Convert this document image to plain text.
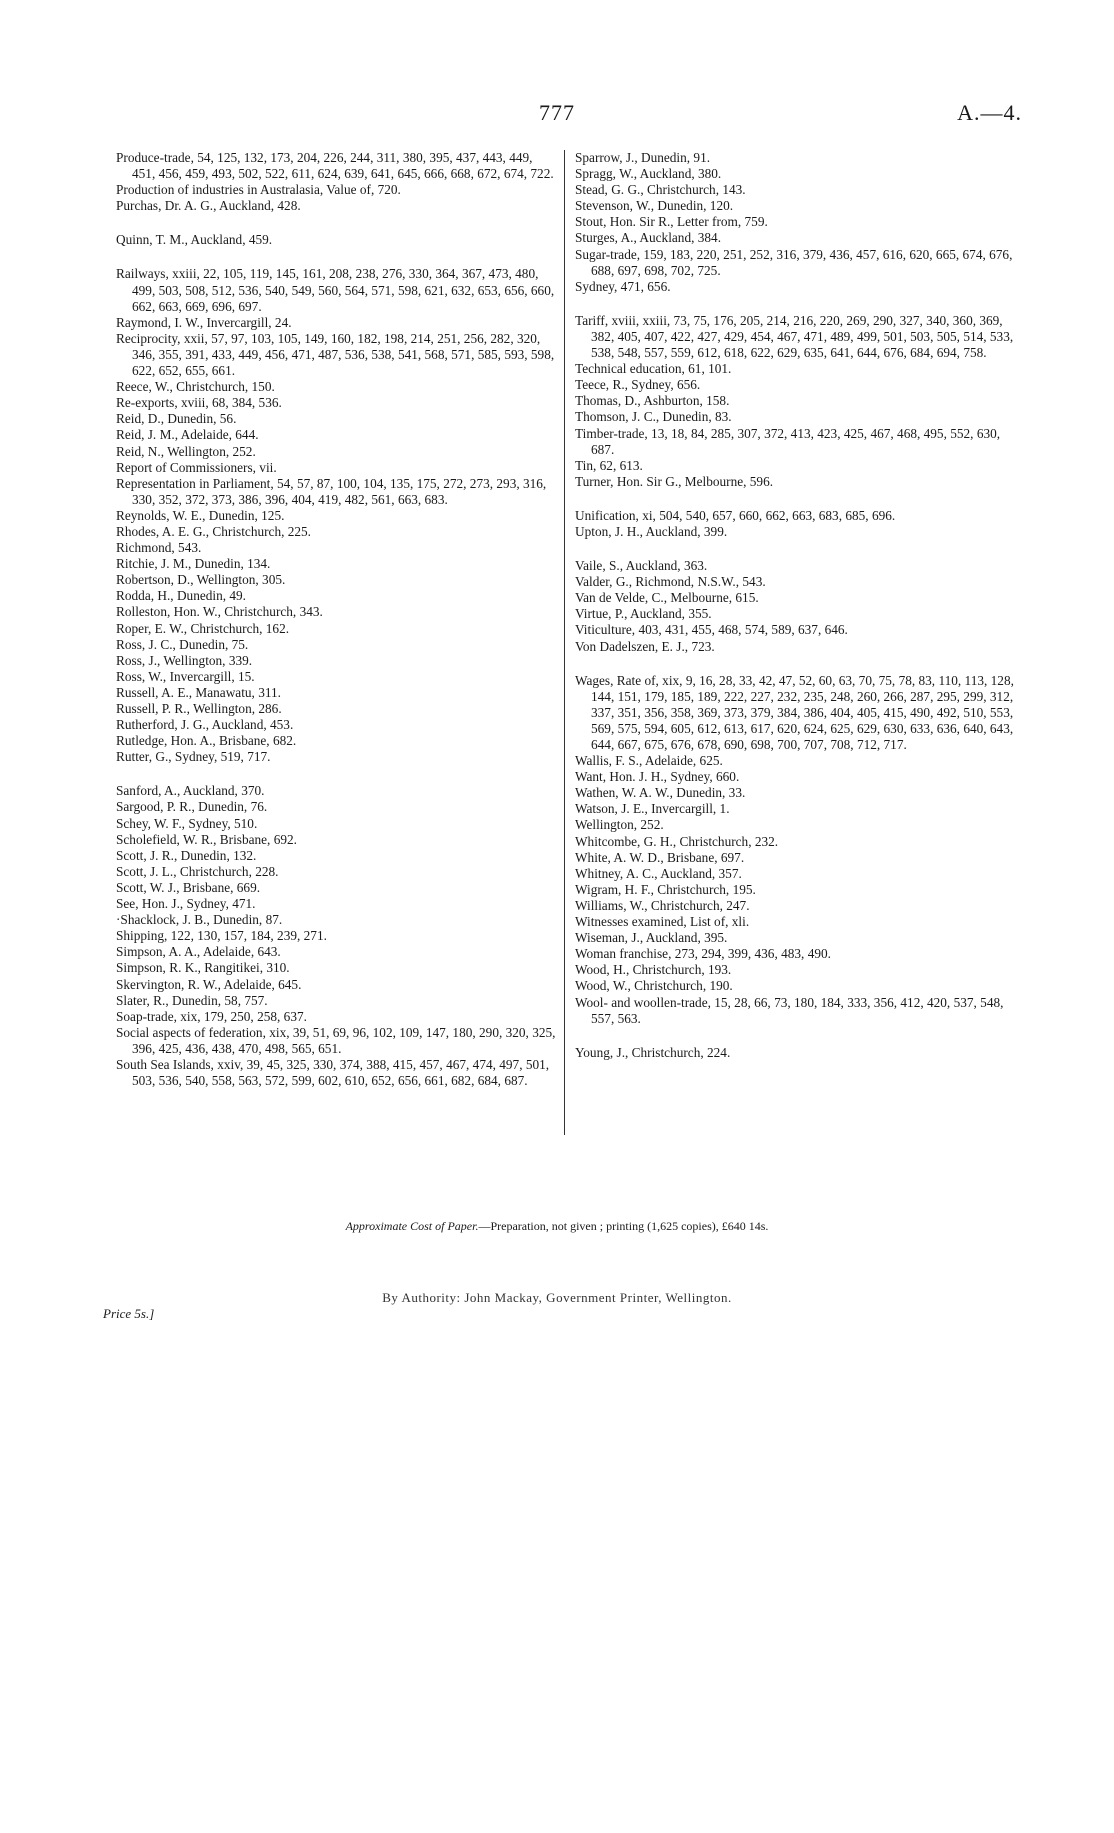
777	A.—4.

Produce-trade, 54, 125, 132, 173, 204, 226, 244, 311, 380, 395, 437, 443, 449, 451, 456, 459, 493, 502, 522, 611, 624, 639, 641, 645, 666, 668, 672, 674, 722.

Production of industries in Australasia, Value of, 720.

Purchas, Dr. A. G., Auckland, 428.

Quinn, T. M., Auckland, 459.

Railways, xxiii, 22, 105, 119, 145, 161, 208, 238, 276, 330, 364, 367, 473, 480, 499, 503, 508, 512, 536, 540, 549, 560, 564, 571, 598, 621, 632, 653, 656, 660, 662, 663, 669, 696, 697.

Raymond, I. W., Invercargill, 24.

Reciprocity, xxii, 57, 97, 103, 105, 149, 160, 182, 198, 214, 251, 256, 282, 320, 346, 355, 391, 433, 449, 456, 471, 487, 536, 538, 541, 568, 571, 585, 593, 598, 622, 652, 655, 661.

Reece, W., Christchurch, 150.

Re-exports, xviii, 68, 384, 536.

Reid, D., Dunedin, 56.

Reid, J. M., Adelaide, 644.

Reid, N., Wellington, 252.

Report of Commissioners, vii.

Representation in Parliament, 54, 57, 87, 100, 104, 135, 175, 272, 273, 293, 316, 330, 352, 372, 373, 386, 396, 404, 419, 482, 561, 663, 683.

Reynolds, W. E., Dunedin, 125.

Rhodes, A. E. G., Christchurch, 225.

Richmond, 543.

Ritchie, J. M., Dunedin, 134.

Robertson, D., Wellington, 305.

Rodda, H., Dunedin, 49.

Rolleston, Hon. W., Christchurch, 343.

Roper, E. W., Christchurch, 162.

Ross, J. C., Dunedin, 75.

Ross, J., Wellington, 339.

Ross, W., Invercargill, 15.

Russell, A. E., Manawatu, 311.

Russell, P. R., Wellington, 286.

Rutherford, J. G., Auckland, 453.

Rutledge, Hon. A., Brisbane, 682.

Rutter, G., Sydney, 519, 717.

Sanford, A., Auckland, 370.

Sargood, P. R., Dunedin, 76.

Schey, W. F., Sydney, 510.

Scholefield, W. R., Brisbane, 692.

Scott, J. R., Dunedin, 132.

Scott, J. L., Christchurch, 228.

Scott, W. J., Brisbane, 669.

See, Hon. J., Sydney, 471.

·Shacklock, J. B., Dunedin, 87.

Shipping, 122, 130, 157, 184, 239, 271.

Simpson, A. A., Adelaide, 643.

Simpson, R. K., Rangitikei, 310.

Skervington, R. W., Adelaide, 645.

Slater, R., Dunedin, 58, 757.

Soap-trade, xix, 179, 250, 258, 637.

Social aspects of federation, xix, 39, 51, 69, 96, 102, 109, 147, 180, 290, 320, 325, 396, 425, 436, 438, 470, 498, 565, 651.

South Sea Islands, xxiv, 39, 45, 325, 330, 374, 388, 415, 457, 467, 474, 497, 501, 503, 536, 540, 558, 563, 572, 599, 602, 610, 652, 656, 661, 682, 684, 687.

Sparrow, J., Dunedin, 91.

Spragg, W., Auckland, 380.

Stead, G. G., Christchurch, 143.

Stevenson, W., Dunedin, 120.

Stout, Hon. Sir R., Letter from, 759.

Sturges, A., Auckland, 384.

Sugar-trade, 159, 183, 220, 251, 252, 316, 379, 436, 457, 616, 620, 665, 674, 676, 688, 697, 698, 702, 725.

Sydney, 471, 656.

Tariff, xviii, xxiii, 73, 75, 176, 205, 214, 216, 220, 269, 290, 327, 340, 360, 369, 382, 405, 407, 422, 427, 429, 454, 467, 471, 489, 499, 501, 503, 505, 514, 533, 538, 548, 557, 559, 612, 618, 622, 629, 635, 641, 644, 676, 684, 694, 758.

Technical education, 61, 101.

Teece, R., Sydney, 656.

Thomas, D., Ashburton, 158.

Thomson, J. C., Dunedin, 83.

Timber-trade, 13, 18, 84, 285, 307, 372, 413, 423, 425, 467, 468, 495, 552, 630, 687.

Tin, 62, 613.

Turner, Hon. Sir G., Melbourne, 596.

Unification, xi, 504, 540, 657, 660, 662, 663, 683, 685, 696.

Upton, J. H., Auckland, 399.

Vaile, S., Auckland, 363.

Valder, G., Richmond, N.S.W., 543.

Van de Velde, C., Melbourne, 615.

Virtue, P., Auckland, 355.

Viticulture, 403, 431, 455, 468, 574, 589, 637, 646.

Von Dadelszen, E. J., 723.

Wages, Rate of, xix, 9, 16, 28, 33, 42, 47, 52, 60, 63, 70, 75, 78, 83, 110, 113, 128, 144, 151, 179, 185, 189, 222, 227, 232, 235, 248, 260, 266, 287, 295, 299, 312, 337, 351, 356, 358, 369, 373, 379, 384, 386, 404, 405, 415, 490, 492, 510, 553, 569, 575, 594, 605, 612, 613, 617, 620, 624, 625, 629, 630, 633, 636, 640, 643, 644, 667, 675, 676, 678, 690, 698, 700, 707, 708, 712, 717.

Wallis, F. S., Adelaide, 625.

Want, Hon. J. H., Sydney, 660.

Wathen, W. A. W., Dunedin, 33.

Watson, J. E., Invercargill, 1.

Wellington, 252.

Whitcombe, G. H., Christchurch, 232.

White, A. W. D., Brisbane, 697.

Whitney, A. C., Auckland, 357.

Wigram, H. F., Christchurch, 195.

Williams, W., Christchurch, 247.

Witnesses examined, List of, xli.

Wiseman, J., Auckland, 395.

Woman franchise, 273, 294, 399, 436, 483, 490.

Wood, H., Christchurch, 193.

Wood, W., Christchurch, 190.

Wool- and woollen-trade, 15, 28, 66, 73, 180, 184, 333, 356, 412, 420, 537, 548, 557, 563.

Young, J., Christchurch, 224.

Approximate Cost of Paper.—Preparation, not given ; printing (1,625 copies), £640 14s.
By Authority: John Mackay, Government Printer, Wellington.
Price 5s.]
